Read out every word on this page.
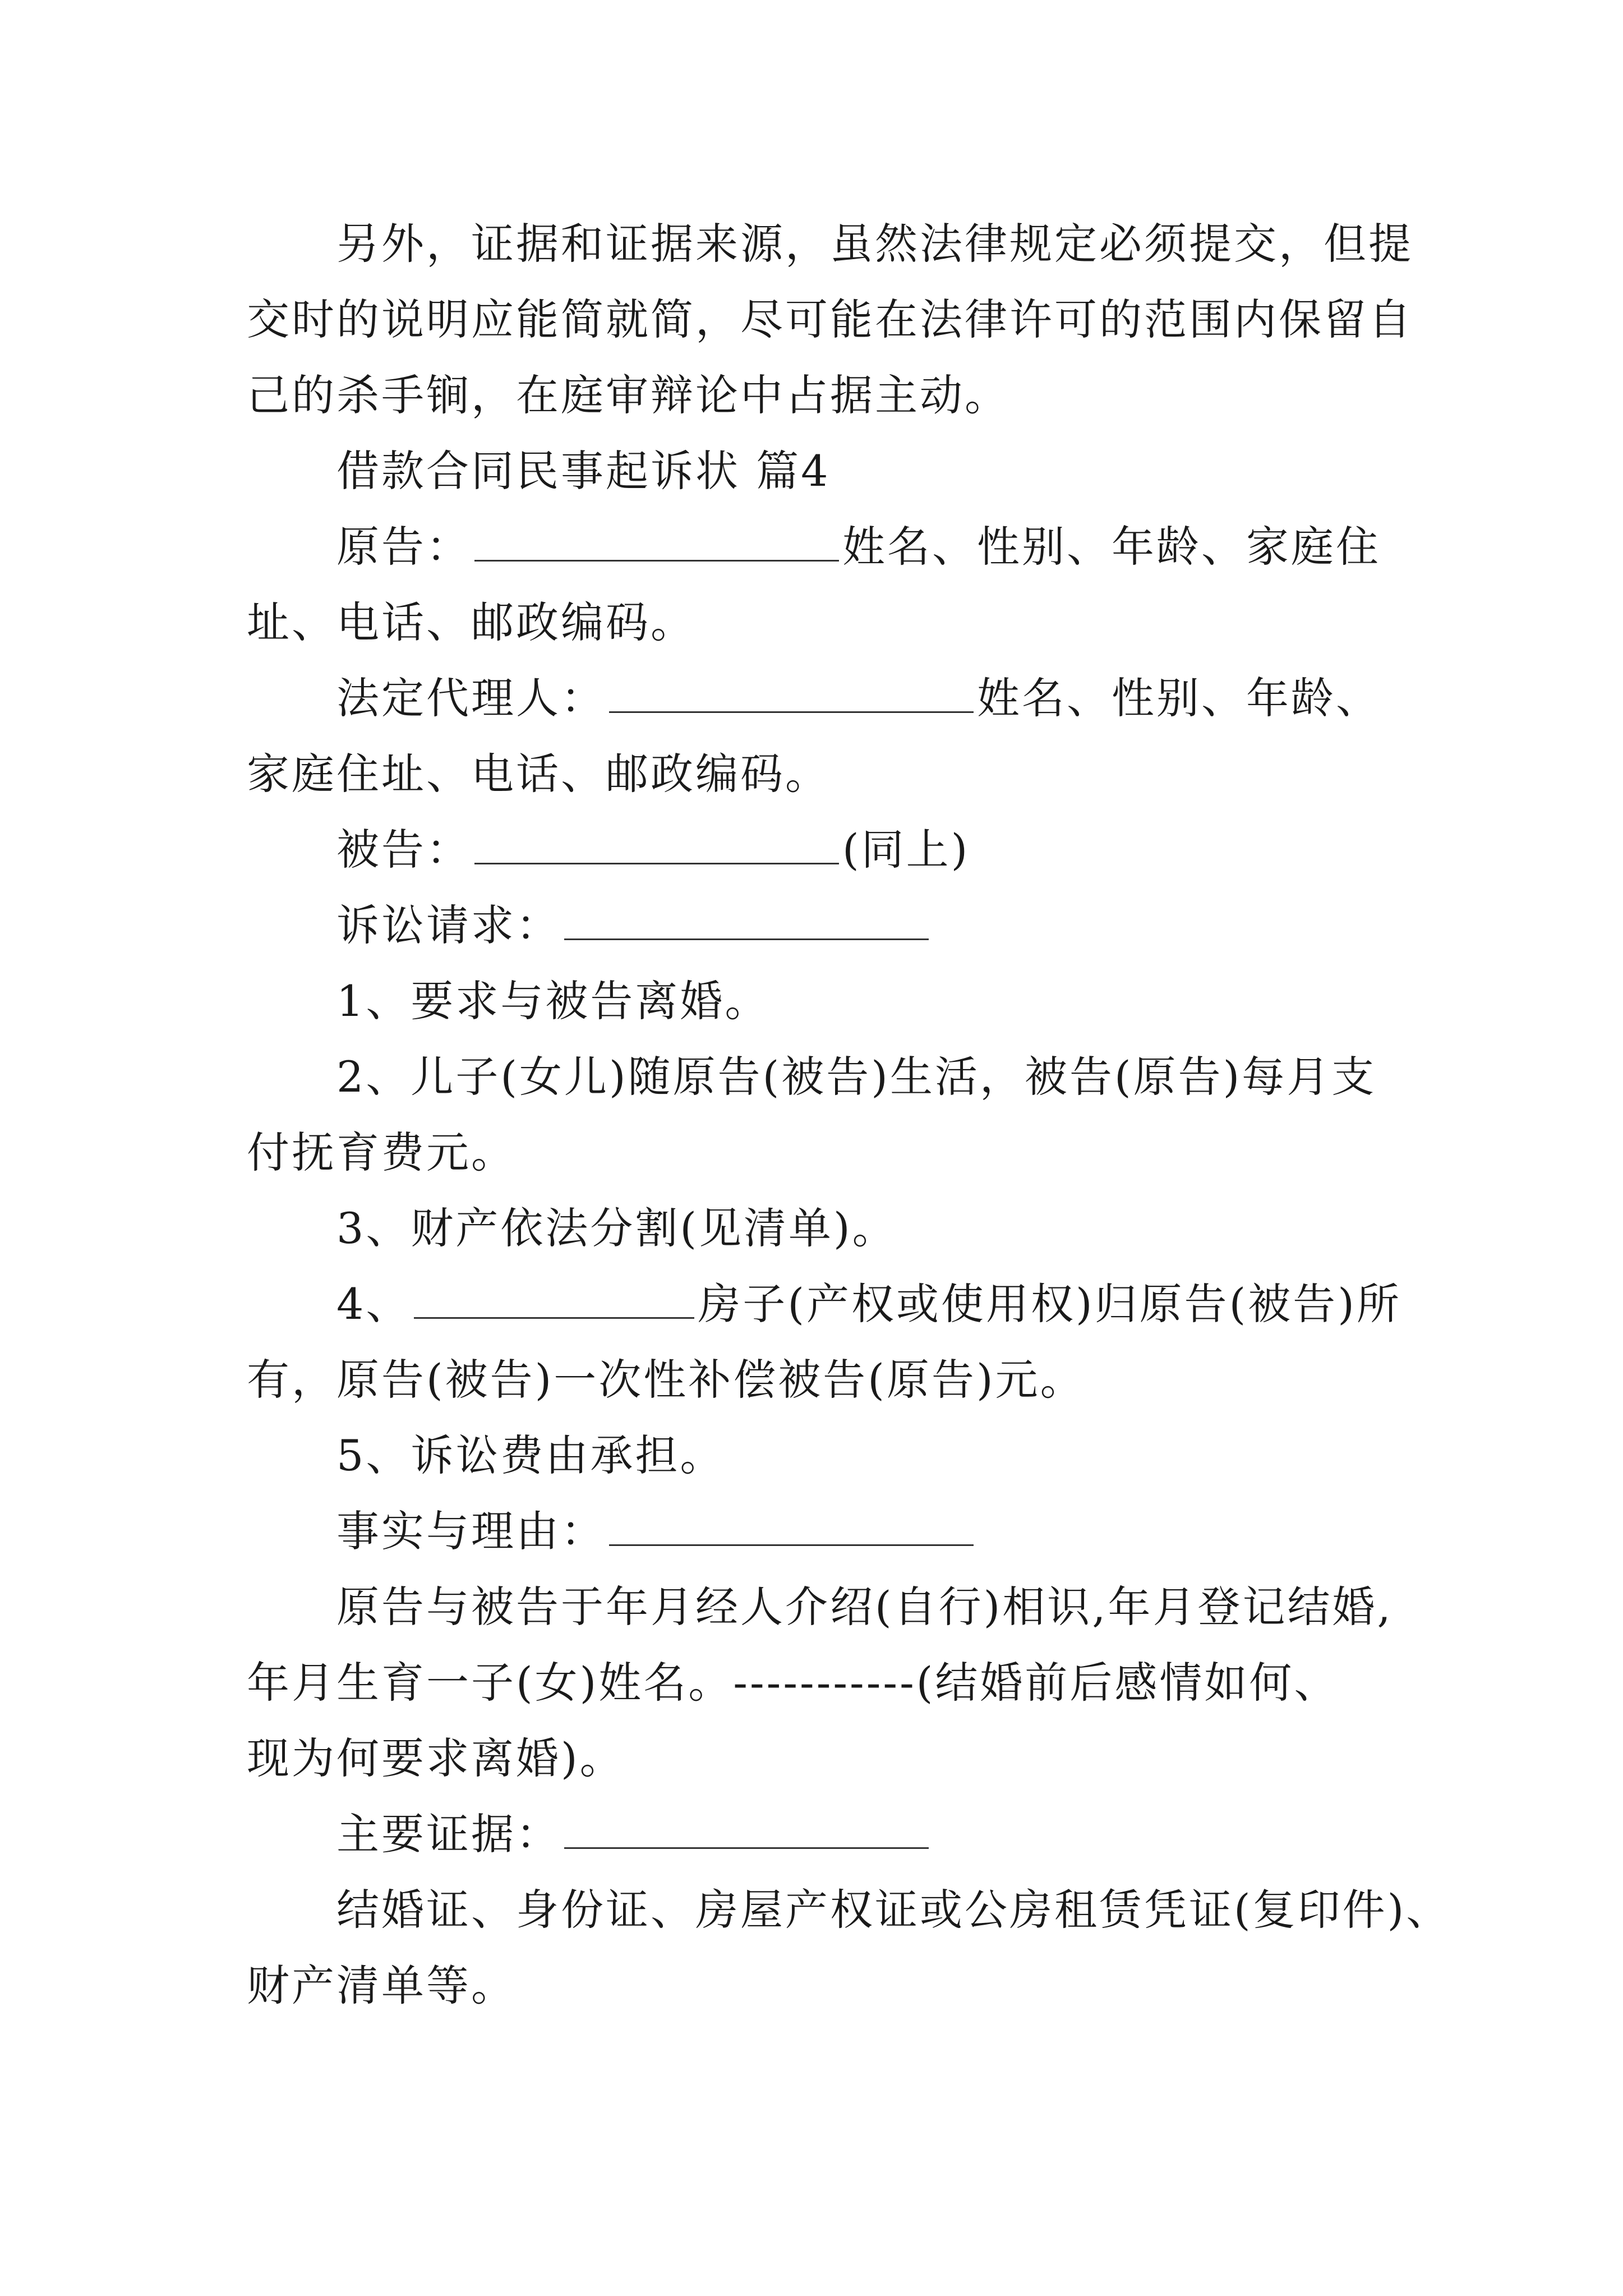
另外，证据和证据来源，虽然法律规定必须提交，但提
交时的说明应能简就简，尽可能在法律许可的范围内保留自
己的杀手锏，在庭审辩论中占据主动。
借款合同民事起诉状 篇4
原告：	姓名、性别、年龄、家庭住
址、电话、邮政编码。
法定代理人：	姓名、性别、年龄、
家庭住址、电话、邮政编码。
被告：	(同上)
诉讼请求：
1、要求与被告离婚。
2、儿子(女儿)随原告(被告)生活，被告(原告)每月支
付抚育费元。
3、财产依法分割(见清单)。
4、	房子(产权或使用权)归原告(被告)所
有，原告(被告)一次性补偿被告(原告)元。
5、诉讼费由承担。
事实与理由：
原告与被告于年月经人介绍(自行)相识,年月登记结婚,
年月生育一子(女)姓名。-----------(结婚前后感情如何、
现为何要求离婚)。
主要证据：
结婚证、身份证、房屋产权证或公房租赁凭证(复印件)、
财产清单等。
